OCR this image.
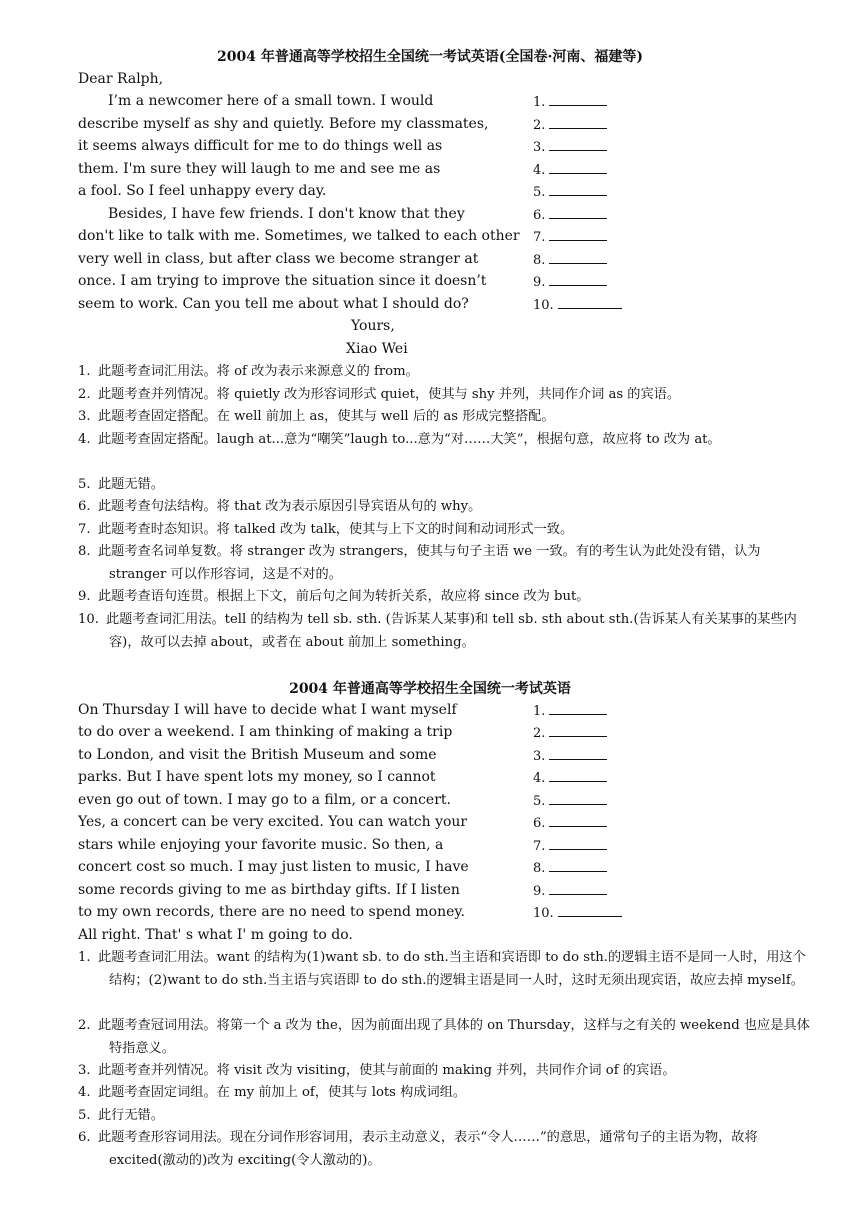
2004 年普通高等学校招生全国统一考试英语(全国卷·河南、福建等)
Dear Ralph,
I’m a newcomer here of a small town. I would
describe myself as shy and quietly. Before my classmates,
it seems always difficult for me to do things well as
them. I'm sure they will laugh to me and see me as
a fool. So I feel unhappy every day.
Besides, I have few friends. I don't know that they
don't like to talk with me. Sometimes, we talked to each other
very well in class, but after class we become stranger at
once. I am trying to improve the situation since it doesn’t
seem to work. Can you tell me about what I should do?
1.
2.
3.
4.
5.
6.
7.
8.
9.
10.
Yours,
Xiao Wei
1. 此题考查词汇用法。将 of 改为表示来源意义的 from。
2. 此题考查并列情况。将 quietly 改为形容词形式 quiet，使其与 shy 并列，共同作介词 as 的宾语。
3. 此题考查固定搭配。在 well 前加上 as，使其与 well 后的 as 形成完整搭配。
4. 此题考查固定搭配。laugh at...意为“嘲笑”laugh to...意为“对……大笑”，根据句意，故应将 to 改为 at。
5. 此题无错。
6. 此题考查句法结构。将 that 改为表示原因引导宾语从句的 why。
7. 此题考查时态知识。将 talked 改为 talk，使其与上下文的时间和动词形式一致。
8. 此题考查名词单复数。将 stranger 改为 strangers，使其与句子主语 we 一致。有的考生认为此处没有错，认为 stranger 可以作形容词，这是不对的。
9. 此题考查语句连贯。根据上下文，前后句之间为转折关系，故应将 since 改为 but。
10. 此题考查词汇用法。tell 的结构为 tell sb. sth. (告诉某人某事)和 tell sb. sth about sth.(告诉某人有关某事的某些内容)，故可以去掉 about，或者在 about 前加上 something。
2004 年普通高等学校招生全国统一考试英语
On Thursday I will have to decide what I want myself
to do over a weekend. I am thinking of making a trip
to London, and visit the British Museum and some
parks. But I have spent lots my money, so I cannot
even go out of town. I may go to a film, or a concert.
Yes, a concert can be very excited. You can watch your
stars while enjoying your favorite music. So then, a
concert cost so much. I may just listen to music, I have
some records giving to me as birthday gifts. If I listen
to my own records, there are no need to spend money.
All right. That' s what I' m going to do.
1.
2.
3.
4.
5.
6.
7.
8.
9.
10.
1. 此题考查词汇用法。want 的结构为(1)want sb. to do sth.当主语和宾语即 to do sth.的逻辑主语不是同一人时，用这个结构；(2)want to do sth.当主语与宾语即 to do sth.的逻辑主语是同一人时，这时无须出现宾语，故应去掉 myself。
2. 此题考查冠词用法。将第一个 a 改为 the，因为前面出现了具体的 on Thursday，这样与之有关的 weekend 也应是具体特指意义。
3. 此题考查并列情况。将 visit 改为 visiting，使其与前面的 making 并列，共同作介词 of 的宾语。
4. 此题考查固定词组。在 my 前加上 of，使其与 lots 构成词组。
5. 此行无错。
6. 此题考查形容词用法。现在分词作形容词用，表示主动意义，表示“令人……”的意思，通常句子的主语为物，故将 excited(激动的)改为 exciting(令人激动的)。
